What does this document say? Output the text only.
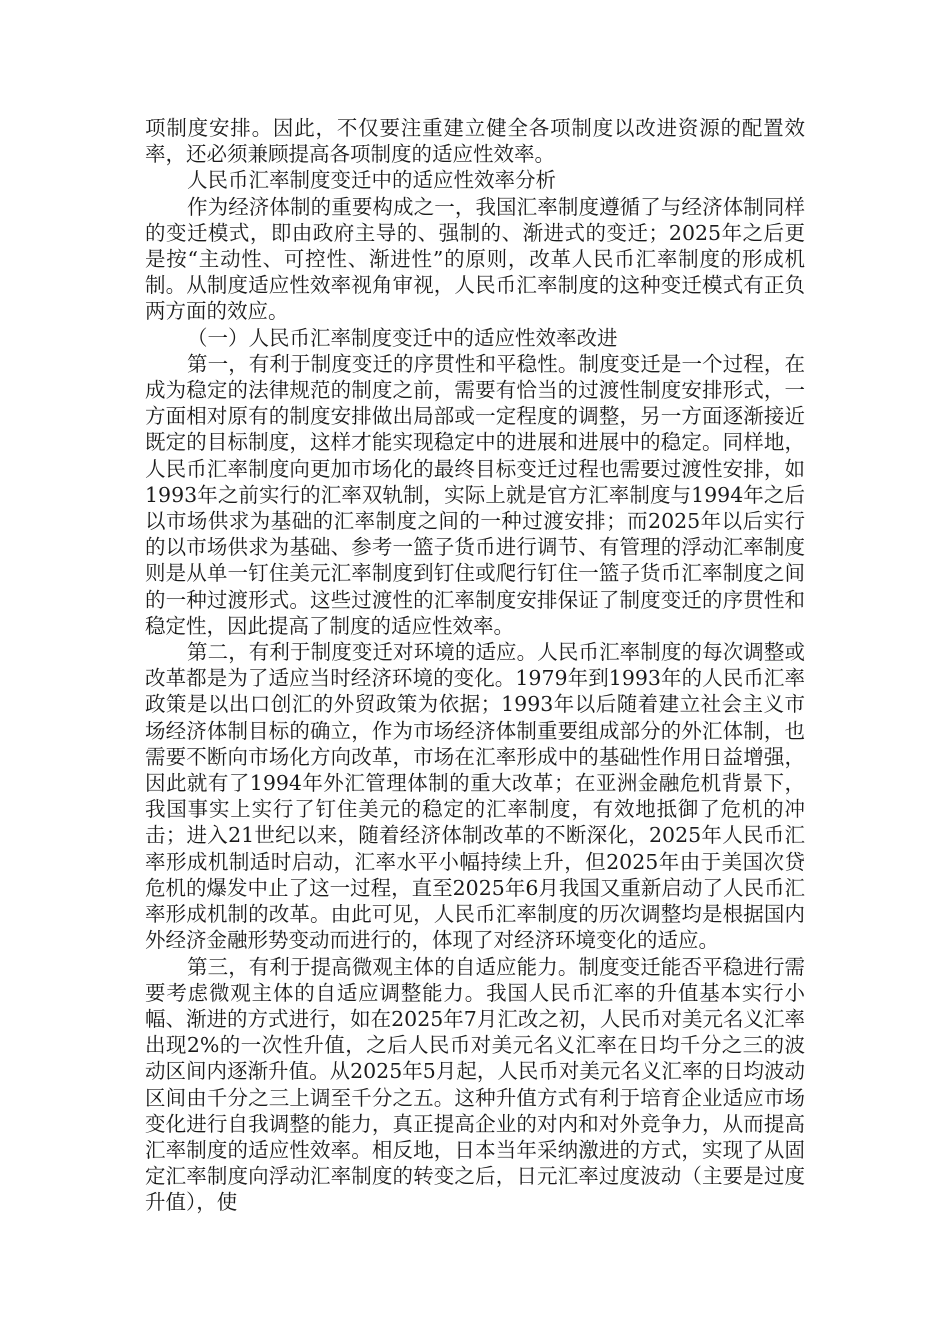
项制度安排。因此，不仅要注重建立健全各项制度以改进资源的配置效率，还必须兼顾提高各项制度的适应性效率。

人民币汇率制度变迁中的适应性效率分析

作为经济体制的重要构成之一，我国汇率制度遵循了与经济体制同样的变迁模式，即由政府主导的、强制的、渐进式的变迁；2025年之后更是按“主动性、可控性、渐进性”的原则，改革人民币汇率制度的形成机制。从制度适应性效率视角审视，人民币汇率制度的这种变迁模式有正负两方面的效应。

（一）人民币汇率制度变迁中的适应性效率改进

第一，有利于制度变迁的序贯性和平稳性。制度变迁是一个过程，在成为稳定的法律规范的制度之前，需要有恰当的过渡性制度安排形式，一方面相对原有的制度安排做出局部或一定程度的调整，另一方面逐渐接近既定的目标制度，这样才能实现稳定中的进展和进展中的稳定。同样地，人民币汇率制度向更加市场化的最终目标变迁过程也需要过渡性安排，如1993年之前实行的汇率双轨制，实际上就是官方汇率制度与1994年之后以市场供求为基础的汇率制度之间的一种过渡安排；而2025年以后实行的以市场供求为基础、参考一篮子货币进行调节、有管理的浮动汇率制度则是从单一钉住美元汇率制度到钉住或爬行钉住一篮子货币汇率制度之间的一种过渡形式。这些过渡性的汇率制度安排保证了制度变迁的序贯性和稳定性，因此提高了制度的适应性效率。

第二，有利于制度变迁对环境的适应。人民币汇率制度的每次调整或改革都是为了适应当时经济环境的变化。1979年到1993年的人民币汇率政策是以出口创汇的外贸政策为依据；1993年以后随着建立社会主义市场经济体制目标的确立，作为市场经济体制重要组成部分的外汇体制，也需要不断向市场化方向改革，市场在汇率形成中的基础性作用日益增强，因此就有了1994年外汇管理体制的重大改革；在亚洲金融危机背景下，我国事实上实行了钉住美元的稳定的汇率制度，有效地抵御了危机的冲击；进入21世纪以来，随着经济体制改革的不断深化，2025年人民币汇率形成机制适时启动，汇率水平小幅持续上升，但2025年由于美国次贷危机的爆发中止了这一过程，直至2025年6月我国又重新启动了人民币汇率形成机制的改革。由此可见，人民币汇率制度的历次调整均是根据国内外经济金融形势变动而进行的，体现了对经济环境变化的适应。

第三，有利于提高微观主体的自适应能力。制度变迁能否平稳进行需要考虑微观主体的自适应调整能力。我国人民币汇率的升值基本实行小幅、渐进的方式进行，如在2025年7月汇改之初，人民币对美元名义汇率出现2%的一次性升值，之后人民币对美元名义汇率在日均千分之三的波动区间内逐渐升值。从2025年5月起，人民币对美元名义汇率的日均波动区间由千分之三上调至千分之五。这种升值方式有利于培育企业适应市场变化进行自我调整的能力，真正提高企业的对内和对外竞争力，从而提高汇率制度的适应性效率。相反地，日本当年采纳激进的方式，实现了从固定汇率制度向浮动汇率制度的转变之后，日元汇率过度波动（主要是过度升值），使
